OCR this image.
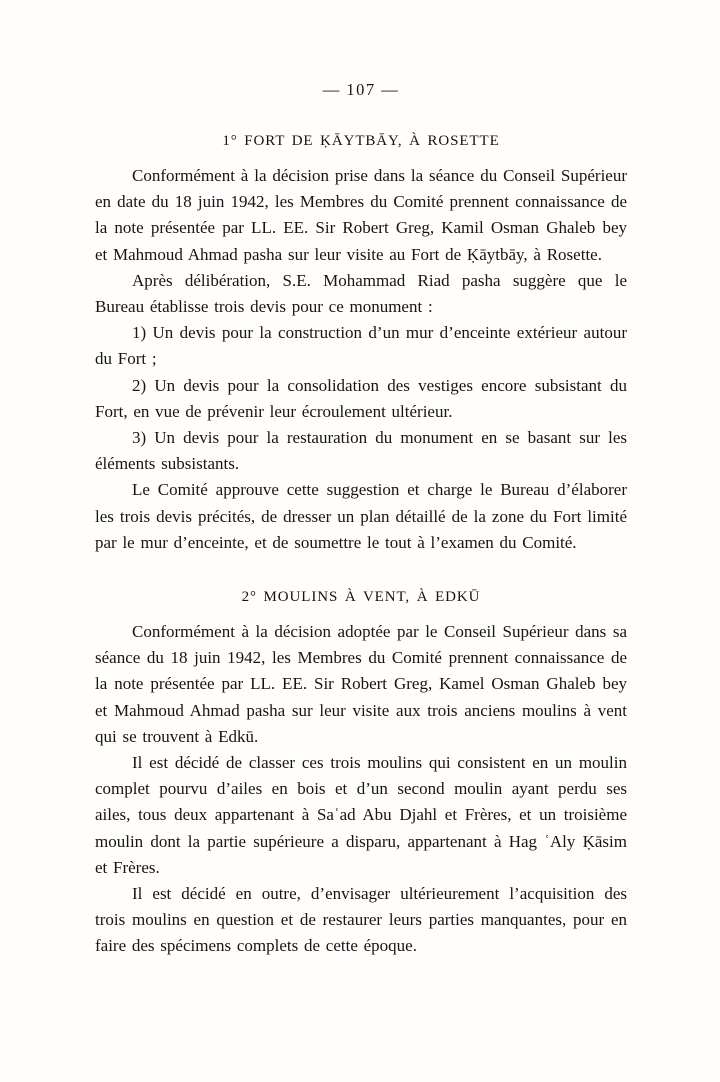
— 107 —
1° FORT DE ḲĀYTBĀY, À ROSETTE

Conformément à la décision prise dans la séance du Conseil Supérieur en date du 18 juin 1942, les Membres du Comité prennent connaissance de la note présentée par LL. EE. Sir Robert Greg, Kamil Osman Ghaleb bey et Mahmoud Ahmad pasha sur leur visite au Fort de Ḳāytbāy, à Rosette.

Après délibération, S.E. Mohammad Riad pasha suggère que le Bureau établisse trois devis pour ce monument :

1) Un devis pour la construction d’un mur d’enceinte extérieur autour du Fort ;

2) Un devis pour la consolidation des vestiges encore subsistant du Fort, en vue de prévenir leur écroulement ultérieur.

3) Un devis pour la restauration du monument en se basant sur les éléments subsistants.

Le Comité approuve cette suggestion et charge le Bureau d’élaborer les trois devis précités, de dresser un plan détaillé de la zone du Fort limité par le mur d’enceinte, et de soumettre le tout à l’examen du Comité.

2° MOULINS À VENT, À EDKŪ

Conformément à la décision adoptée par le Conseil Supérieur dans sa séance du 18 juin 1942, les Membres du Comité prennent connaissance de la note présentée par LL. EE. Sir Robert Greg, Kamel Osman Ghaleb bey et Mahmoud Ahmad pasha sur leur visite aux trois anciens moulins à vent qui se trouvent à Edkū.

Il est décidé de classer ces trois moulins qui consistent en un moulin complet pourvu d’ailes en bois et d’un second moulin ayant perdu ses ailes, tous deux appartenant à Saʿad Abu Djahl et Frères, et un troisième moulin dont la partie supérieure a disparu, appartenant à Hag ʿAly Ḳāsim et Frères.

Il est décidé en outre, d’envisager ultérieurement l’acquisition des trois moulins en question et de restaurer leurs parties manquantes, pour en faire des spécimens complets de cette époque.
